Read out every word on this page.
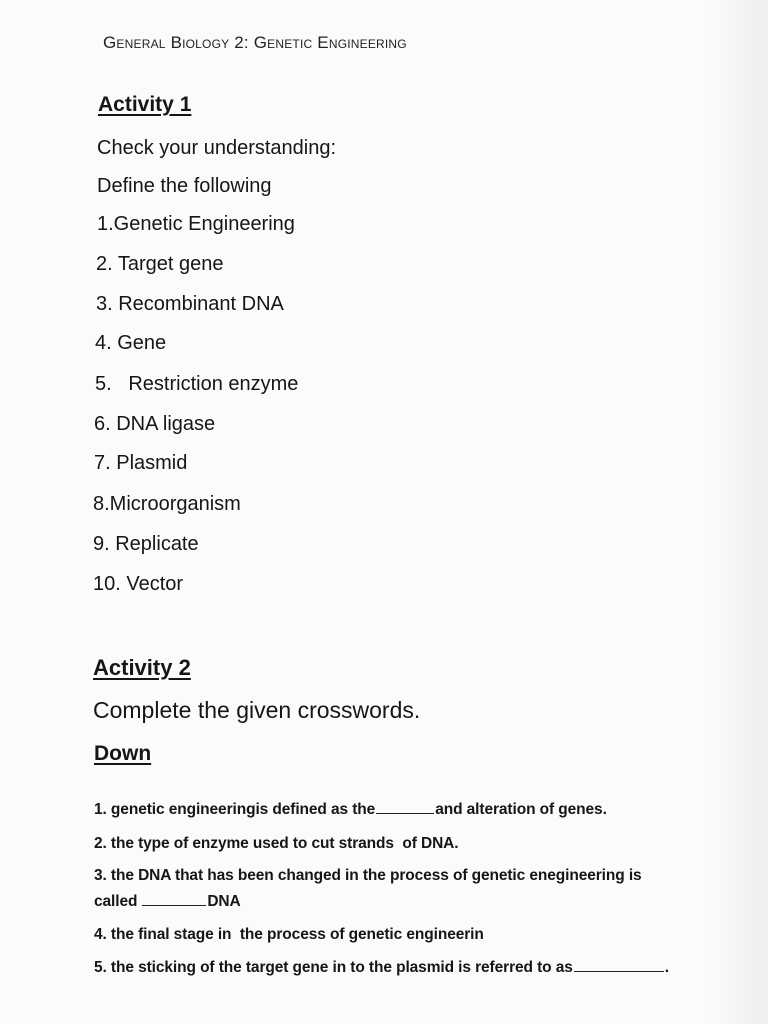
General Biology 2: Genetic Engineering
Activity 1
Check your understanding:
Define the following
1.Genetic Engineering
2. Target gene
3. Recombinant DNA
4. Gene
5.   Restriction enzyme
6. DNA ligase
7. Plasmid
8.Microorganism
9. Replicate
10. Vector
Activity 2
Complete the given crosswords.
Down
1. genetic engineeringis defined as the	and alteration of genes.
2. the type of enzyme used to cut strands  of DNA.
3. the DNA that has been changed in the process of genetic enegineering is
called	DNA
4. the final stage in  the process of genetic engineerin
5. the sticking of the target gene in to the plasmid is referred to as	.
